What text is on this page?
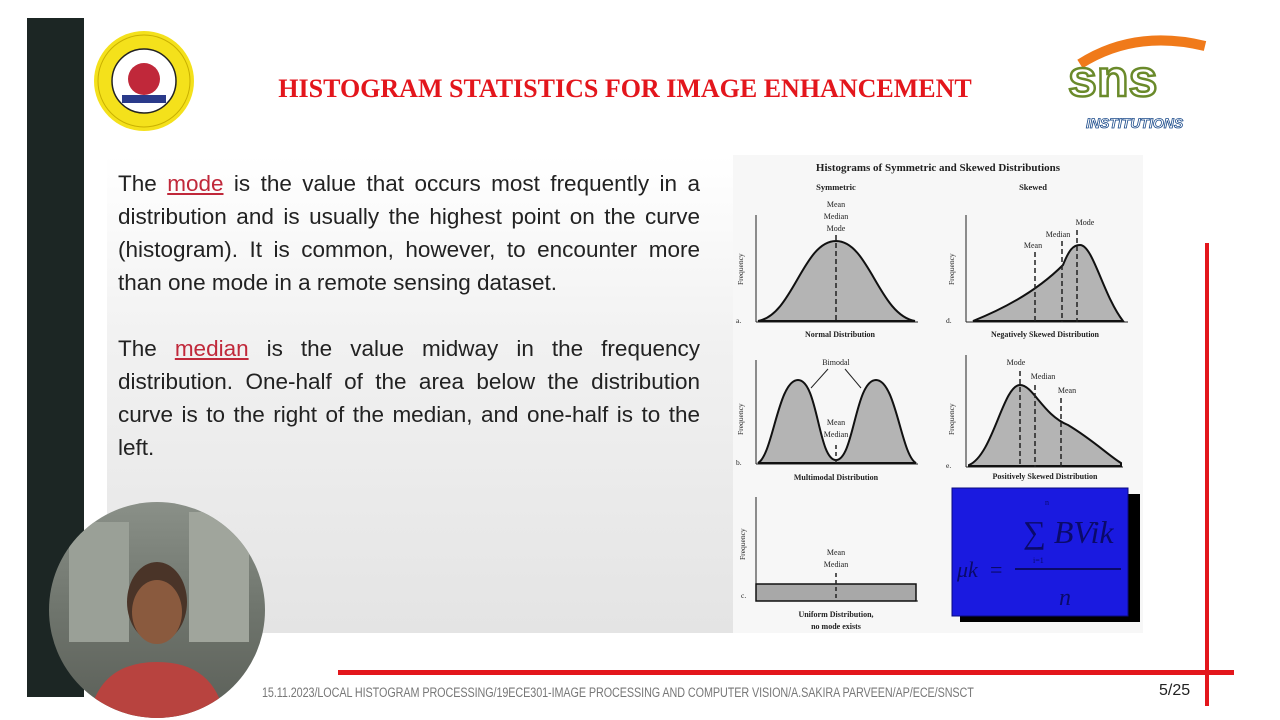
HISTOGRAM STATISTICS FOR IMAGE ENHANCEMENT	sns
INSTITUTIONS

The mode is the value that occurs most frequently in a distribution and is usually the highest point on the curve (histogram). It is common, however, to encounter more than one mode in a remote sensing dataset.

The median is the value midway in the frequency distribution. One-half of the area below the distribution curve is to the right of the median, and one-half is to the left.

Histograms of Symmetric and Skewed Distributions
Symmetric	Skewed
Mean
Median
Mode
Frequency
a.
Normal Distribution
Mean
Median
Mode
Frequency
d.
Negatively Skewed Distribution
Bimodal
Mean
Median
Frequency
b.
Multimodal Distribution
Mode
Median
Mean
Frequency
e.
Positively Skewed Distribution
Mean
Median
Frequency
c.
Uniform Distribution,
no mode exists
n
∑ BVik
i=1
μk =
n
15.11.2023/LOCAL HISTOGRAM PROCESSING/19ECE301-IMAGE PROCESSING AND COMPUTER VISION/A.SAKIRA PARVEEN/AP/ECE/SNSCT	5/25
